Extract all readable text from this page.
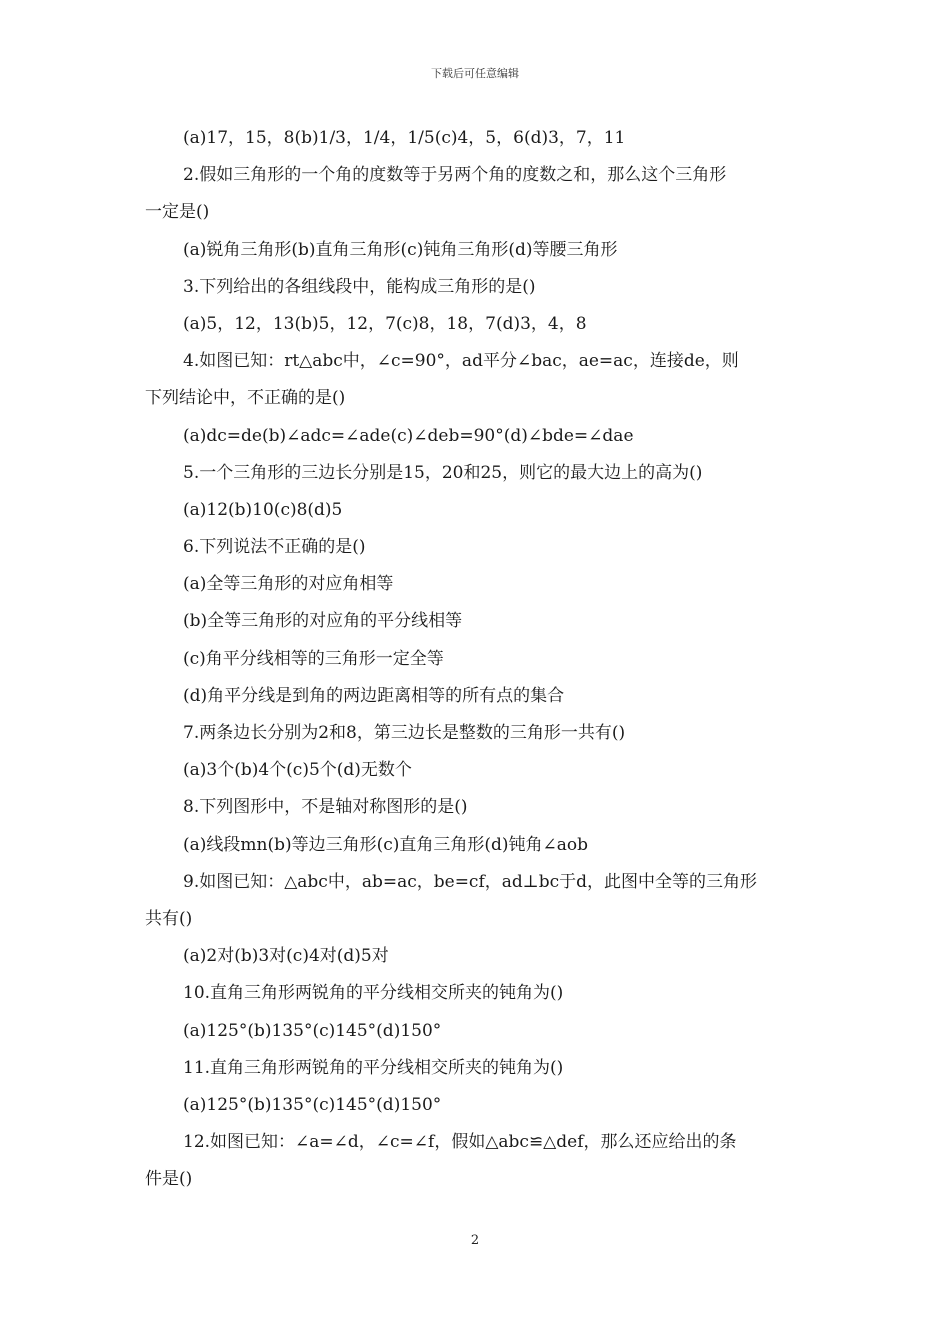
下载后可任意编辑
(a)17，15，8(b)1/3，1/4，1/5(c)4，5，6(d)3，7，11
2.假如三角形的一个角的度数等于另两个角的度数之和，那么这个三角形
一定是()
(a)锐角三角形(b)直角三角形(c)钝角三角形(d)等腰三角形
3.下列给出的各组线段中，能构成三角形的是()
(a)5，12，13(b)5，12，7(c)8，18，7(d)3，4，8
4.如图已知：rt△abc中，∠c=90°，ad平分∠bac，ae=ac，连接de，则
下列结论中，不正确的是()
(a)dc=de(b)∠adc=∠ade(c)∠deb=90°(d)∠bde=∠dae
5.一个三角形的三边长分别是15，20和25，则它的最大边上的高为()
(a)12(b)10(c)8(d)5
6.下列说法不正确的是()
(a)全等三角形的对应角相等
(b)全等三角形的对应角的平分线相等
(c)角平分线相等的三角形一定全等
(d)角平分线是到角的两边距离相等的所有点的集合
7.两条边长分别为2和8，第三边长是整数的三角形一共有()
(a)3个(b)4个(c)5个(d)无数个
8.下列图形中，不是轴对称图形的是()
(a)线段mn(b)等边三角形(c)直角三角形(d)钝角∠aob
9.如图已知：△abc中，ab=ac，be=cf，ad⊥bc于d，此图中全等的三角形
共有()
(a)2对(b)3对(c)4对(d)5对
10.直角三角形两锐角的平分线相交所夹的钝角为()
(a)125°(b)135°(c)145°(d)150°
11.直角三角形两锐角的平分线相交所夹的钝角为()
(a)125°(b)135°(c)145°(d)150°
12.如图已知：∠a=∠d，∠c=∠f，假如△abc≌△def，那么还应给出的条
件是()
2
